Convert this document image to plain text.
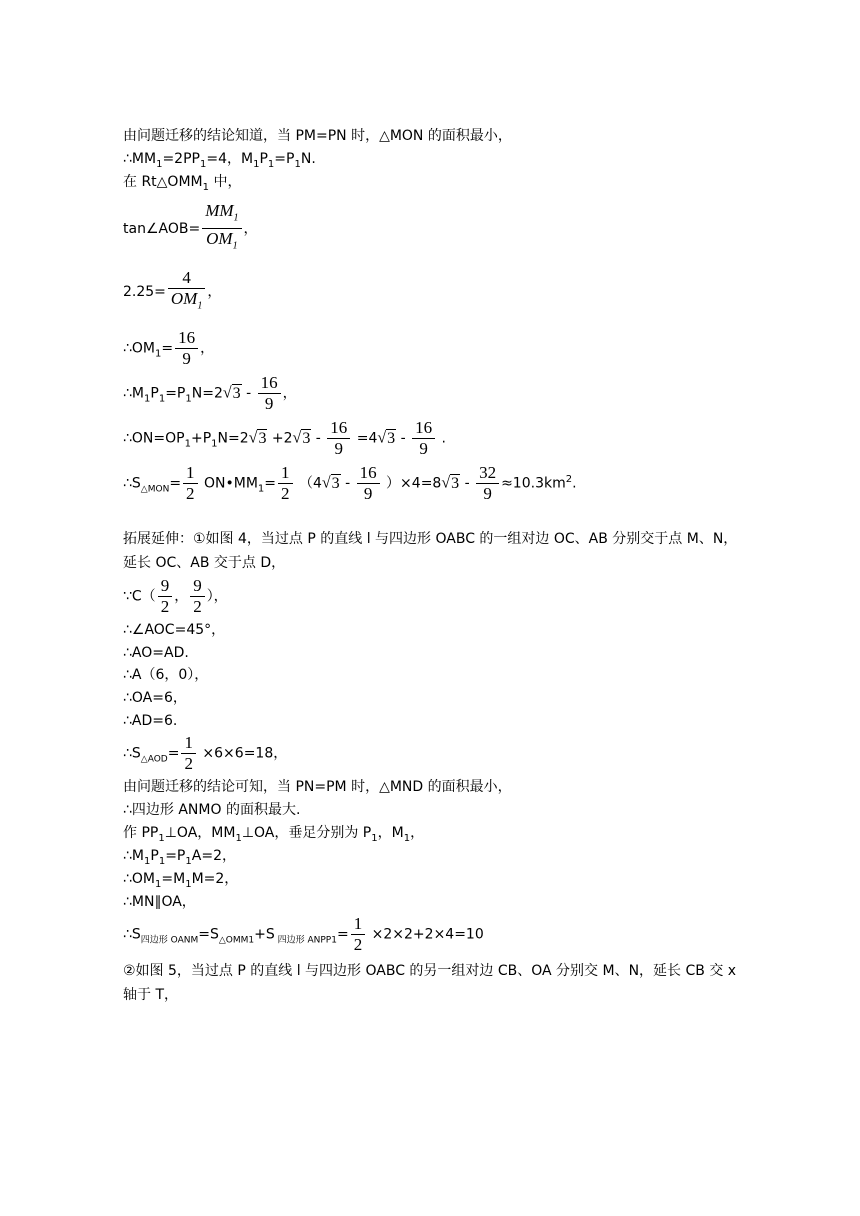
由问题迁移的结论知道，当 PM=PN 时，△MON 的面积最小，
$\therefore MM_1=2PP_1=4$，$M_1P_1=P_1N$.
在 $Rt\triangle OMM_1$ 中，
tan∠AOB= $\frac{MM_1}{OM_1}$ ，
$2.25= \frac{4}{OM_1}$ ，
$\therefore OM_1= \frac{16}{9}$ ，
$\therefore M_1P_1=P_1N=2√3 - \frac{16}{9}$ ，
$\therefore ON=OP_1+P_1N=2√3 +2√3 - \frac{16}{9} =4√3 - \frac{16}{9}$ .
$\therefore S_{\triangle MON}= \frac{1}{2}$ $ON•MM_1= \frac{1}{2} (4√3 - \frac{16}{9} )\times 4=8√3 - \frac{32}{9} \approx 10.3km^2$.
拓展延伸：①如图 4，当过点 P 的直线 l 与四边形 OABC 的一组对边 OC、AB 分别交于点 M、N，延长 OC、AB 交于点 D，
∵C（ $\frac{9}{2}$ ， $\frac{9}{2}$ ），
∴∠AOC=45°，
∴AO=AD.
∴A（6，0），
∴OA=6，
∴AD=6.
$\therefore S_{\triangle AOD}= \frac{1}{2} \times 6\times 6=18$，
由问题迁移的结论可知，当 PN=PM 时，△MND 的面积最小，
∴四边形 ANMO 的面积最大.
作 $PP_1\perp OA$，$MM_1\perp OA$，垂足分别为 $P_1$，$M_1$，
$\therefore M_1P_1=P_1A=2$，
$\therefore OM_1=M_1M=2$，
∴MN∥OA，
$\therefore S_{四边形 OANM}=S_{\triangle OMM1}+S$ $_{四边形 ANPP1}= \frac{1}{2} \times 2\times 2+2\times 4=10$
②如图 5，当过点 P 的直线 l 与四边形 OABC 的另一组对边 CB、OA 分别交 M、N，延长 CB 交 x 轴于 T，
